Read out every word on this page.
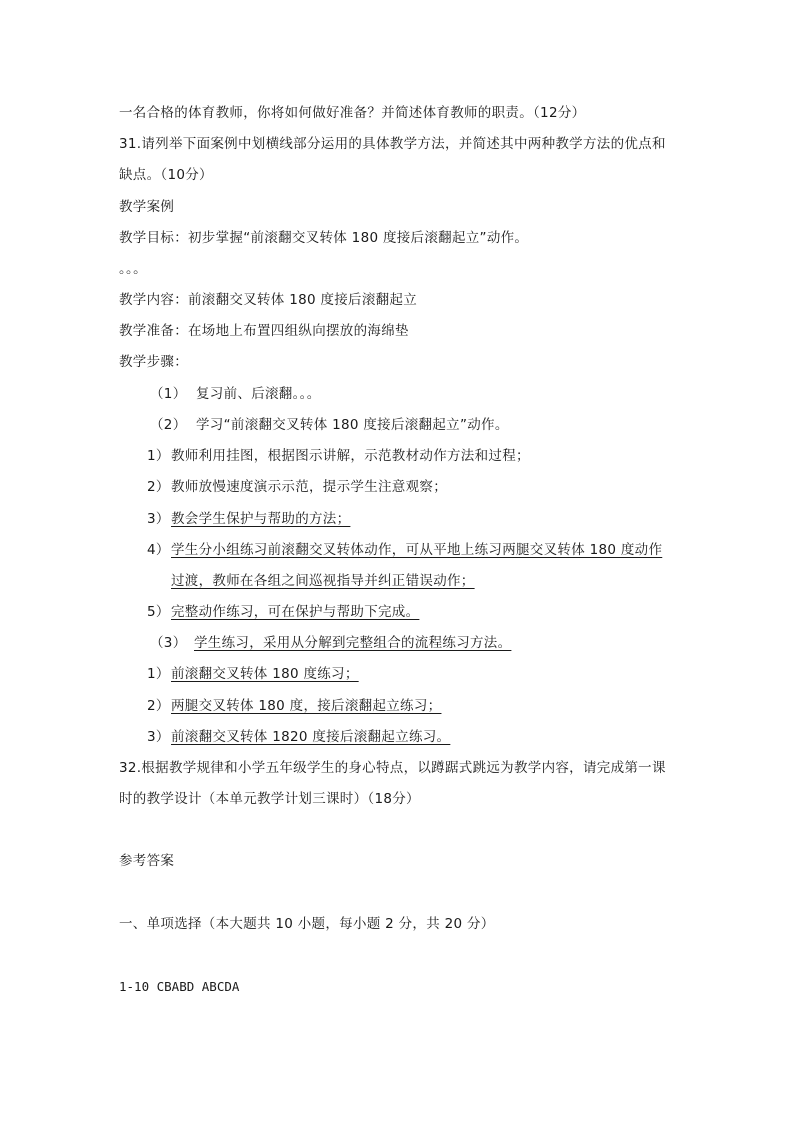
一名合格的体育教师，你将如何做好准备？并简述体育教师的职责。（12分）
31.请列举下面案例中划横线部分运用的具体教学方法，并简述其中两种教学方法的优点和
缺点。（10分）
教学案例
教学目标：初步掌握“前滚翻交叉转体 180 度接后滚翻起立”动作。
。。。
教学内容：前滚翻交叉转体 180 度接后滚翻起立
教学准备：在场地上布置四组纵向摆放的海绵垫
教学步骤：
（1） 复习前、后滚翻。。。
（2） 学习“前滚翻交叉转体 180 度接后滚翻起立”动作。
1）教师利用挂图，根据图示讲解，示范教材动作方法和过程；
2）教师放慢速度演示示范，提示学生注意观察；
3）教会学生保护与帮助的方法；
4）学生分小组练习前滚翻交叉转体动作，可从平地上练习两腿交叉转体 180 度动作
过渡，教师在各组之间巡视指导并纠正错误动作；
5）完整动作练习，可在保护与帮助下完成。
（3） 学生练习，采用从分解到完整组合的流程练习方法。
1）前滚翻交叉转体 180 度练习；
2）两腿交叉转体 180 度，接后滚翻起立练习；
3）前滚翻交叉转体 1820 度接后滚翻起立练习。
32.根据教学规律和小学五年级学生的身心特点，以蹲踞式跳远为教学内容，请完成第一课
时的教学设计（本单元教学计划三课时）（18分）
参考答案
一、单项选择（本大题共 10 小题，每小题 2 分，共 20 分）
1-10 CBABD ABCDA
